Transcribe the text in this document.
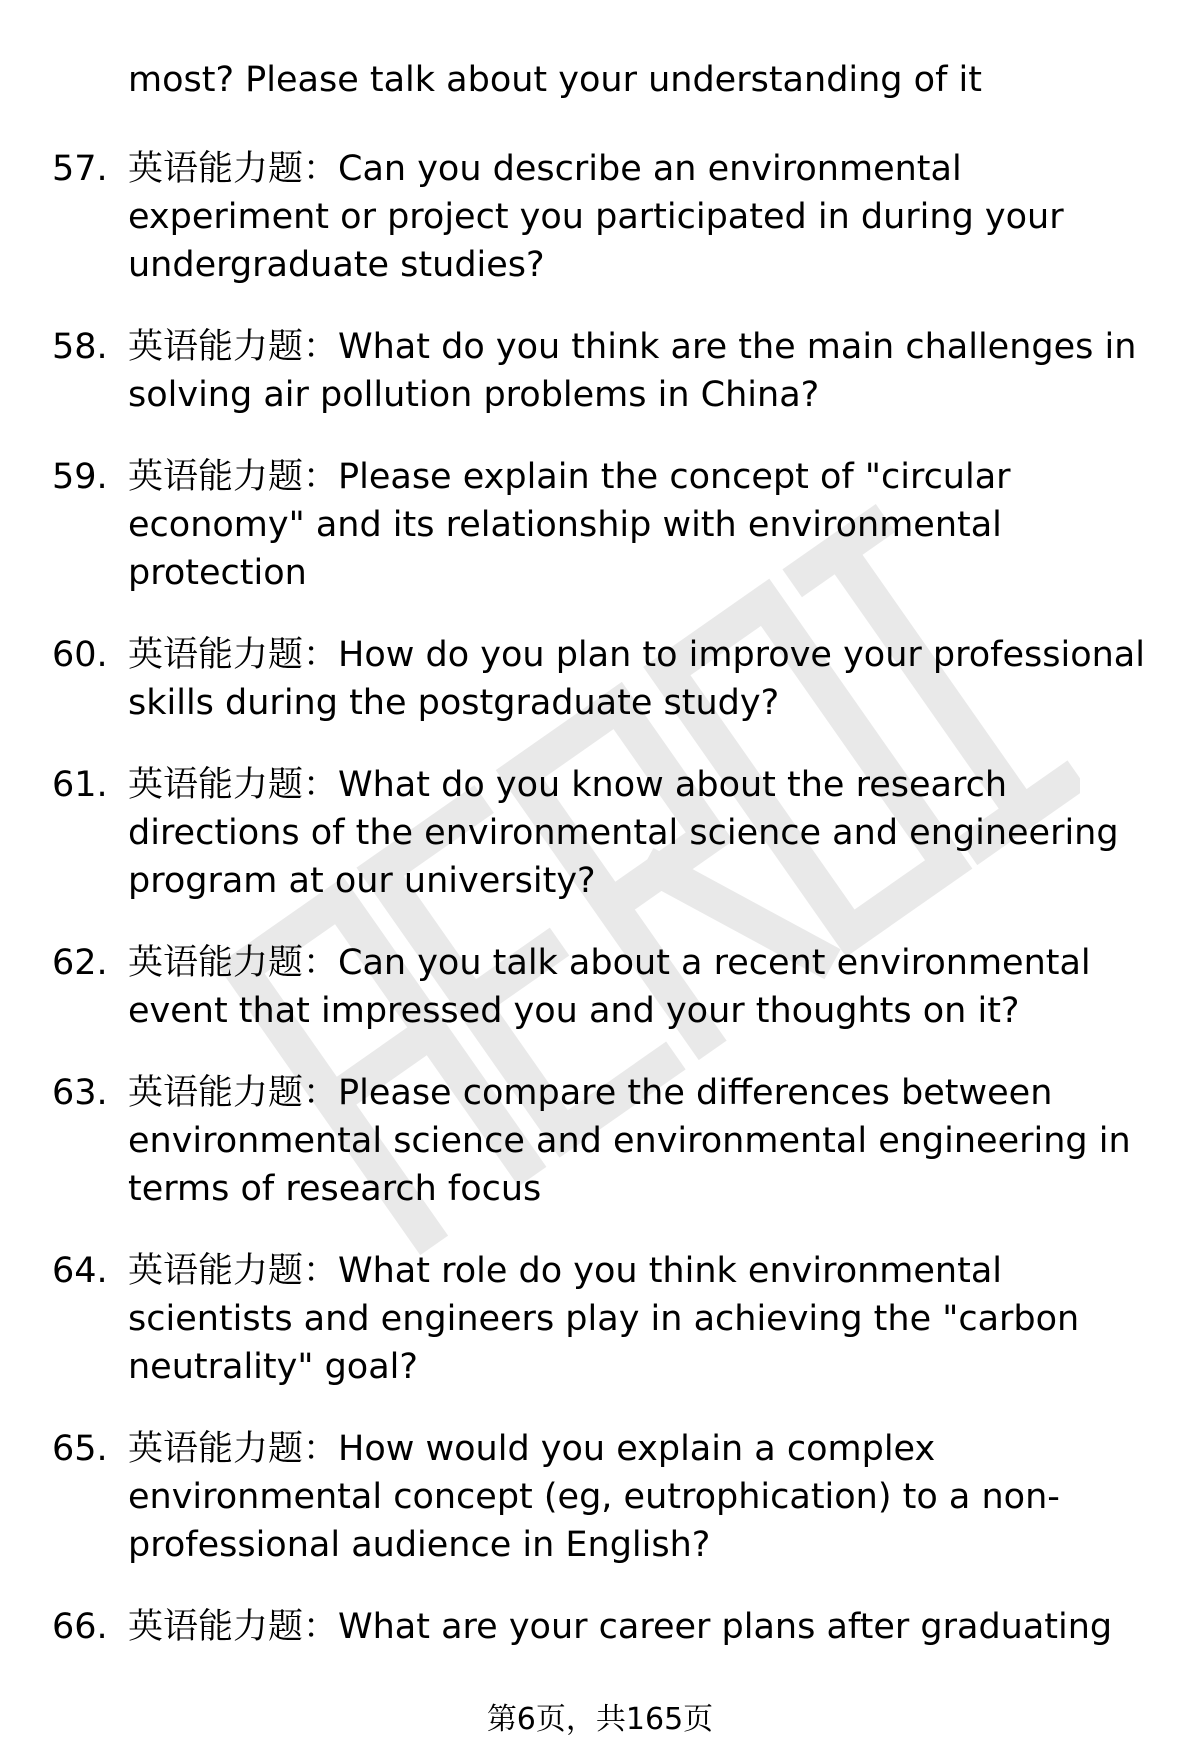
most? Please talk about your understanding of it
57. 英语能力题：Can you describe an environmental experiment or project you participated in during your undergraduate studies?
58. 英语能力题：What do you think are the main challenges in solving air pollution problems in China?
59. 英语能力题：Please explain the concept of "circular economy" and its relationship with environmental protection
60. 英语能力题：How do you plan to improve your professional skills during the postgraduate study?
61. 英语能力题：What do you know about the research directions of the environmental science and engineering program at our university?
62. 英语能力题：Can you talk about a recent environmental event that impressed you and your thoughts on it?
63. 英语能力题：Please compare the differences between environmental science and environmental engineering in terms of research focus
64. 英语能力题：What role do you think environmental scientists and engineers play in achieving the "carbon neutrality" goal?
65. 英语能力题：How would you explain a complex environmental concept (eg, eutrophication) to a non-professional audience in English?
66. 英语能力题：What are your career plans after graduating
第6页，共165页
